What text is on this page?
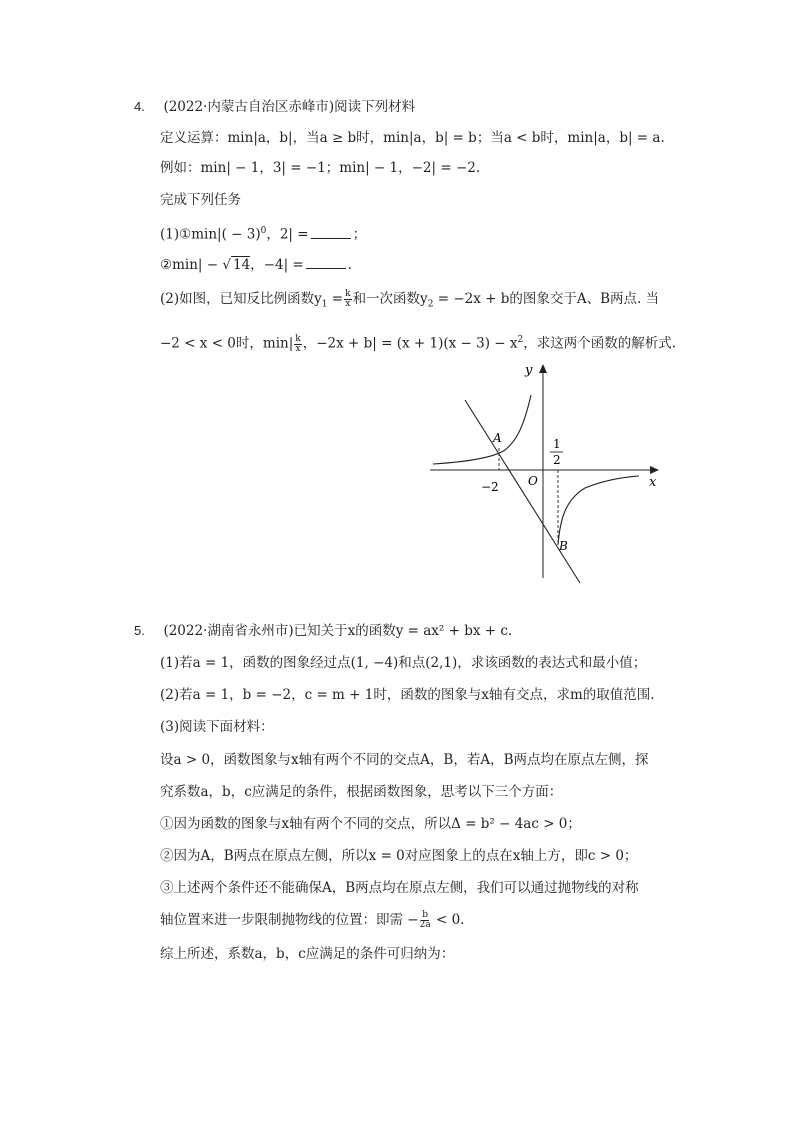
4. (2022·内蒙古自治区赤峰市)阅读下列材料
定义运算：min|a，b|，当a ≥ b时，min|a，b| = b；当a < b时，min|a，b| = a.
例如：min| − 1，3| = −1；min| − 1，−2| = −2.
完成下列任务
(1)①min|( − 3)$^0$，2| =	；
②min| − √ 14，−4| =	.
(2)如图，已知反比例函数$y_1 = \frac{k}{x}$ 和一次函数$y_2 = -2x + b$的图象交于A、B两点. 当
−2 < x < 0时，$\min| \frac{k}{x}$ ，$-2x + b| = (x + 1)(x - 3) - x^2$，求这两个函数的解析式.
y
x
O
A
B
−2
1
2
5. (2022·湖南省永州市)已知关于x的函数y = ax² + bx + c.
(1)若a = 1，函数的图象经过点(1, −4)和点(2,1)，求该函数的表达式和最小值；
(2)若a = 1，b = −2，c = m + 1时，函数的图象与x轴有交点，求m的取值范围.
(3)阅读下面材料：
设a > 0，函数图象与x轴有两个不同的交点A，B，若A，B两点均在原点左侧，探
究系数a，b，c应满足的条件，根据函数图象，思考以下三个方面：
①因为函数的图象与x轴有两个不同的交点，所以Δ = b² − 4ac > 0；
②因为A，B两点在原点左侧，所以x = 0对应图象上的点在x轴上方，即c > 0；
③上述两个条件还不能确保A，B两点均在原点左侧，我们可以通过抛物线的对称
轴位置来进一步限制抛物线的位置：即需 − $\frac{b}{2a} < 0$.
综上所述，系数a，b，c应满足的条件可归纳为：
